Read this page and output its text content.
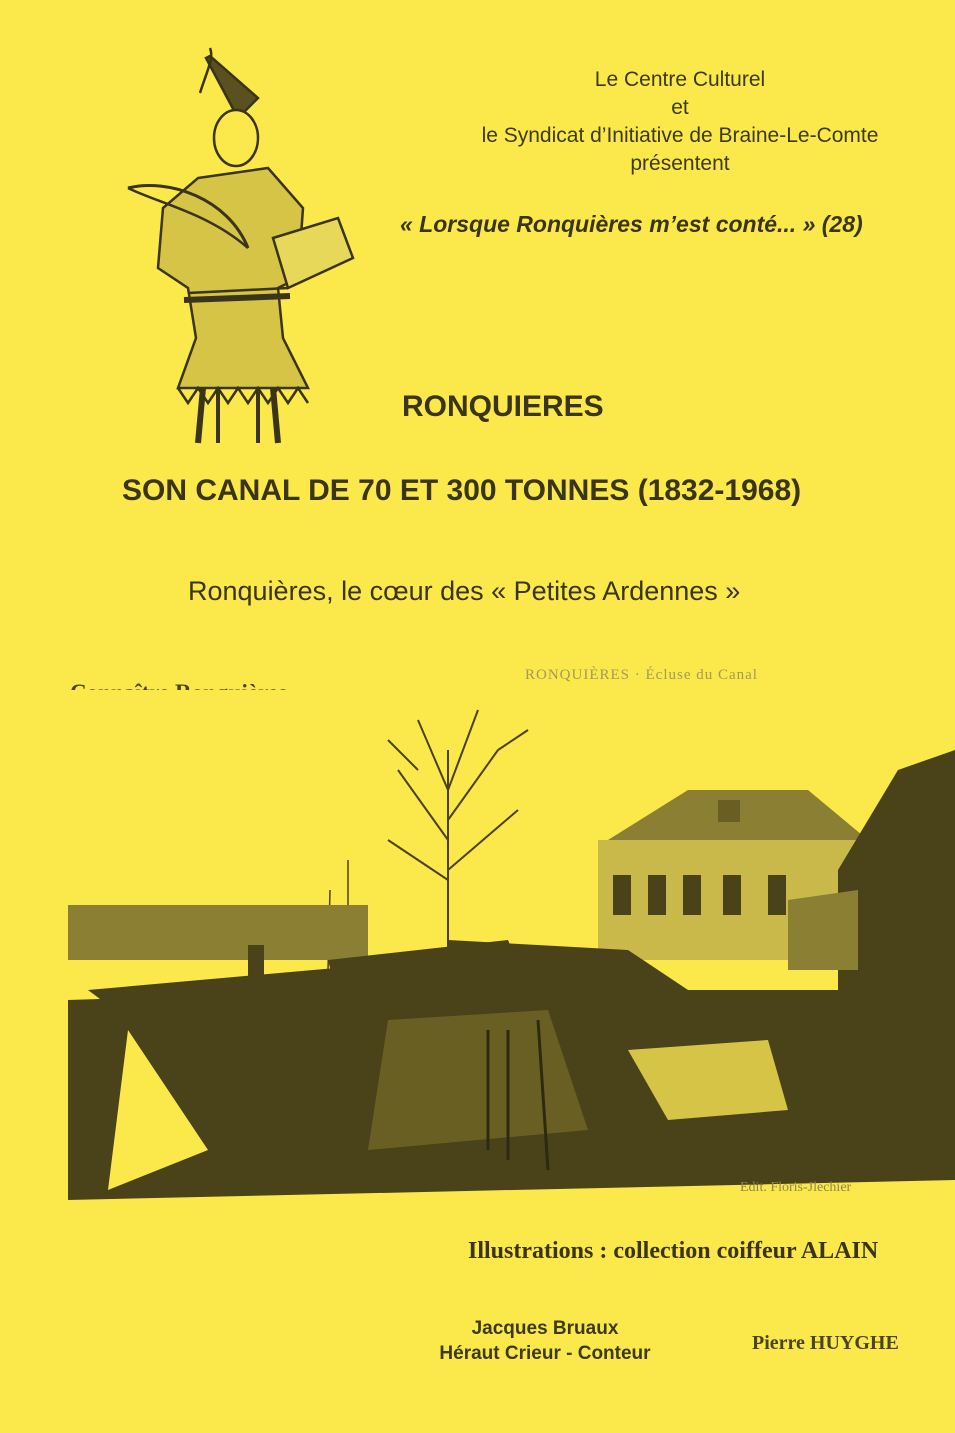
Le Centre Culturel
et
le Syndicat d’Initiative de Braine-Le-Comte
présentent
« Lorsque Ronquières m’est conté... » (28)
RONQUIERES
SON CANAL DE 70 ET 300 TONNES (1832-1968)
Ronquières, le cœur des « Petites Ardennes »
RONQUIÈRES · Écluse du Canal
Edit. Floris-Jlechier
Illustrations : collection coiffeur ALAIN
Jacques Bruaux
Héraut Crieur - Conteur	Pierre HUYGHE
